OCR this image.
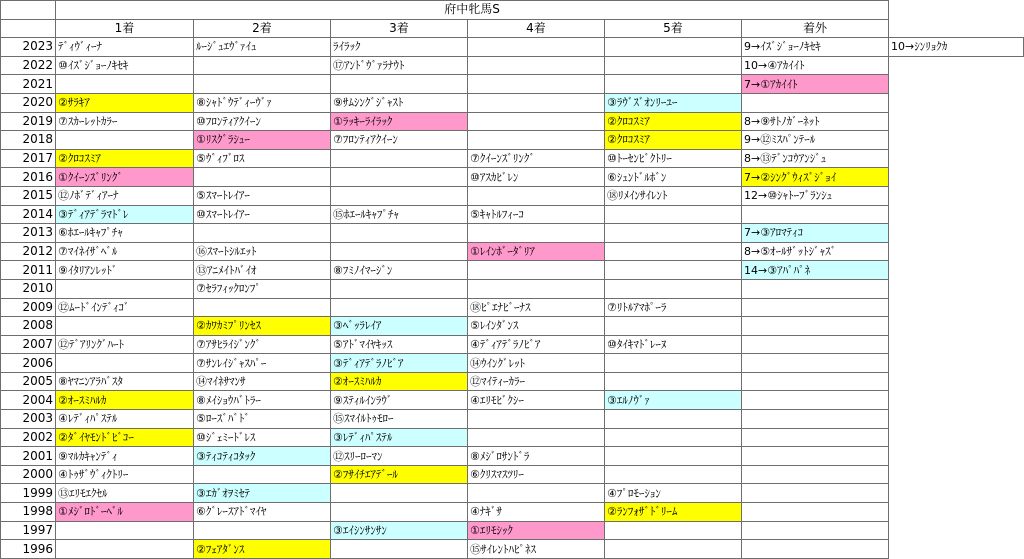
	府中牝馬S						
	1着	2着	3着	4着	5着	着外	
2023	ﾃﾞｨｳﾞｨｰﾅ	ﾙｰｼﾞｭｴｳﾞｧｲｭ	ﾗｲﾗｯｸ			9→ｲｽﾞｼﾞｮｰﾉｷｾｷ	10→ｼﾝﾘｮｸｶ
2022	⑩ｲｽﾞｼﾞｮｰﾉｷｾｷ		⑰ｱﾝﾄﾞｳﾞｧﾗﾅｳﾄ			10→④ｱｶｲｲﾄ	
2021						7→①ｱｶｲｲﾄ	
2020	②ｻﾗｷｱ	⑧ｼｬﾄﾞｳﾃﾞｨｰｳﾞｧ	⑨ｻﾑｼﾝｸﾞｼﾞｬｽﾄ		③ﾗｳﾞｽﾞｵﾝﾘｰﾕｰ		
2019	⑦ｽｶｰﾚｯﾄｶﾗｰ	⑩ﾌﾛﾝﾃｨｱｸｲｰﾝ	①ﾗｯｷｰﾗｲﾗｯｸ		②ｸﾛｺｽﾐｱ	8→⑨ｻﾄﾉｶﾞｰﾈｯﾄ	
2018		①ﾘｽｸﾞﾗｼｭｰ	⑦ﾌﾛﾝﾃｨｱｸｲｰﾝ		②ｸﾛｺｽﾐｱ	9→⑫ﾐｽﾊﾟﾝﾃｰﾙ	
2017	②ｸﾛｺｽﾐｱ	⑤ｳﾞｨﾌﾞﾛｽ		⑦ｸｲｰﾝｽﾞﾘﾝｸﾞ	⑩ﾄｰｾﾝﾋﾞｸﾄﾘｰ	8→⑬ﾃﾞﾝｺｳｱﾝｼﾞｭ	
2016	①ｸｲｰﾝｽﾞﾘﾝｸﾞ			⑩ｱｽｶﾋﾞﾚﾝ	⑥ｼｭﾝﾄﾞﾙﾎﾞﾝ	7→②ｼﾝｸﾞｳｨｽﾞｼﾞｮｲ	
2015	⑫ﾉﾎﾞﾃﾞｨｱｰﾅ	⑤ｽﾏｰﾄﾚｲｱｰ			⑱ﾘﾒｲﾝｻｲﾚﾝﾄ	12→⑩ｼｬﾄｰﾌﾞﾗﾝｼｭ	
2014	③ﾃﾞｨｱﾃﾞﾗﾏﾄﾞﾚ	⑩ｽﾏｰﾄﾚｲｱｰ	⑮ﾎｴｰﾙｷｬﾌﾟﾁｬ	⑤ｷｬﾄﾙﾌｨｰｺ			
2013	⑥ﾎｴｰﾙｷｬﾌﾟﾁｬ					7→③ｱﾛﾏﾃｨｺ	
2012	⑦ﾏｲﾈｲｻﾞﾍﾞﾙ	⑯ｽﾏｰﾄｼﾙｴｯﾄ		①ﾚｲﾝﾎﾞｰﾀﾞﾘｱ		8→⑤ｵｰﾙｻﾞｯﾄｼﾞｬｽﾞ	
2011	⑨ｲﾀﾘｱﾝﾚｯﾄﾞ	⑬ｱﾆﾒｲﾄﾊﾞｲｵ	⑧ﾌﾐﾉｲﾏｰｼﾞﾝ			14→③ｱﾊﾟﾊﾟﾈ	
2010		⑦ｾﾗﾌｨｯｸﾛﾝﾌﾟ					
2009	⑫ﾑｰﾄﾞｲﾝﾃﾞｨｺﾞ			⑱ﾋﾟｴﾅﾋﾞｰﾅｽ	⑦ﾘﾄﾙｱﾏﾎﾟｰﾗ		
2008		②ｶﾜｶﾐﾌﾟﾘﾝｾｽ	③ﾍﾞｯﾗﾚｲｱ	⑤ﾚｲﾝﾀﾞﾝｽ			
2007	⑫ﾃﾞｱﾘﾝｸﾞﾊｰﾄ	⑦ｱｻﾋﾗｲｼﾞﾝｸﾞ	⑤ｱﾄﾞﾏｲﾔｷｯｽ	④ﾃﾞｨｱﾃﾞﾗﾉﾋﾞｱ	⑩ﾀｲｷﾏﾄﾞﾚｰﾇ		
2006		⑦ｻﾝﾚｲｼﾞｬｽﾊﾟｰ	③ﾃﾞｨｱﾃﾞﾗﾉﾋﾞｱ	⑭ｳｲﾝｸﾞﾚｯﾄ			
2005	⑧ﾔﾏﾆﾝｱﾗﾊﾞｽﾀ	⑭ﾏｲﾈｻﾏﾝｻ	②ｵｰｽﾐﾊﾙｶ	⑫ﾏｲﾃｨｰｶﾗｰ			
2004	②ｵｰｽﾐﾊﾙｶ	⑧ﾒｲｼｮｳﾊﾞﾄﾗｰ	⑨ｽﾃｨﾙｲﾝﾗｳﾞ	④ｴﾘﾓﾋﾞｸｼｰ	③ｴﾙﾉｳﾞｧ		
2003	④ﾚﾃﾞｨﾊﾟｽﾃﾙ	⑤ﾛｰｽﾞﾊﾞﾄﾞ	⑮ｽﾏｲﾙﾄｩﾓﾛｰ				
2002	②ﾀﾞｲﾔﾓﾝﾄﾞﾋﾞｺｰ	⑩ｼﾞｪﾐｰﾄﾞﾚｽ	③ﾚﾃﾞｨﾊﾟｽﾃﾙ				
2001	⑨ﾏﾙｶｷｬﾝﾃﾞｨ	③ﾃｨｺﾃｨｺﾀｯｸ	⑫ｽﾘｰﾛｰﾏﾝ	⑧ﾒｼﾞﾛｻﾝﾄﾞﾗ			
2000	④ﾄｩｻﾞｳﾞｨｸﾄﾘｰ		②ﾌｻｲﾁｴｱﾃﾞｰﾙ	⑥ｸﾘｽﾏｽﾂﾘｰ			
1999	⑬ｴﾘﾓｴｸｾﾙ	③ｴｶﾞｵｦﾐｾﾃ			④ﾌﾟﾛﾓｰｼｮﾝ		
1998	①ﾒｼﾞﾛﾄﾞｰﾍﾞﾙ	⑥ｸﾞﾚｰｽｱﾄﾞﾏｲﾔ		④ﾅｷﾞｻ	②ﾗﾝﾌｫｻﾞﾄﾞﾘｰﾑ		
1997			③ｴｲｼﾝｻﾝｻﾝ	①ｴﾘﾓｼｯｸ			
1996		②ﾌｪｱﾀﾞﾝｽ		⑮ｻｲﾚﾝﾄﾊﾋﾟﾈｽ			
